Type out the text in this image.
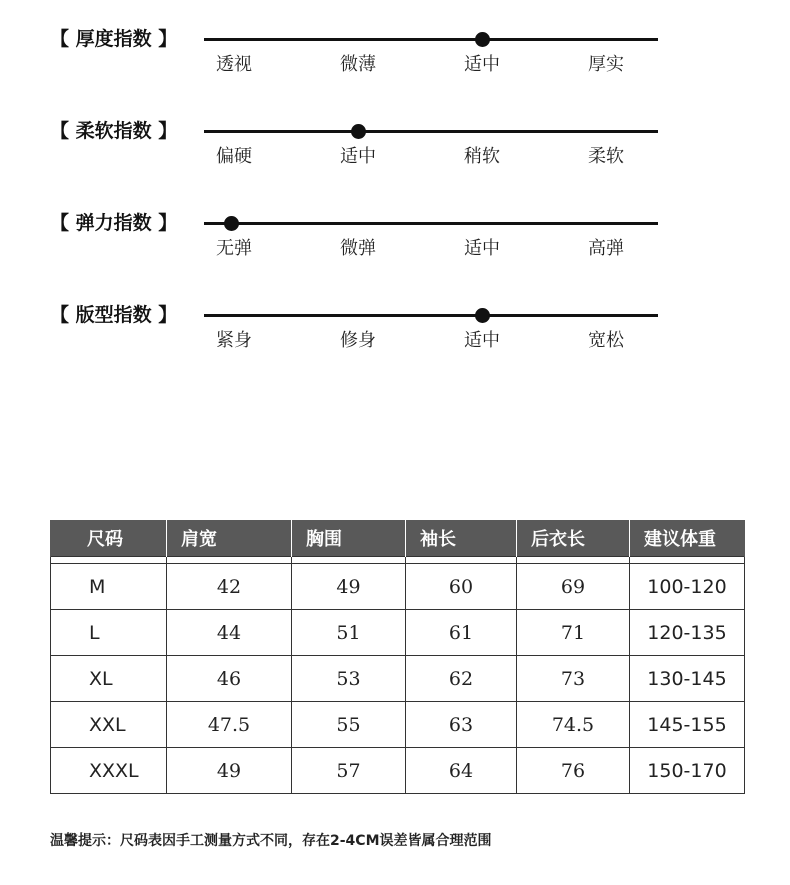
【 厚度指数 】
透视	微薄	适中	厚实
【 柔软指数 】
偏硬	适中	稍软	柔软
【 弹力指数 】
无弹	微弹	适中	高弹
【 版型指数 】
紧身	修身	适中	宽松
尺码	肩宽	胸围	袖长	后衣长	建议体重

M	42	49	60	69	100-120
L	44	51	61	71	120-135
XL	46	53	62	73	130-145
XXL	47.5	55	63	74.5	145-155
XXXL	49	57	64	76	150-170
温馨提示：尺码表因手工测量方式不同，存在2-4CM误差皆属合理范围
